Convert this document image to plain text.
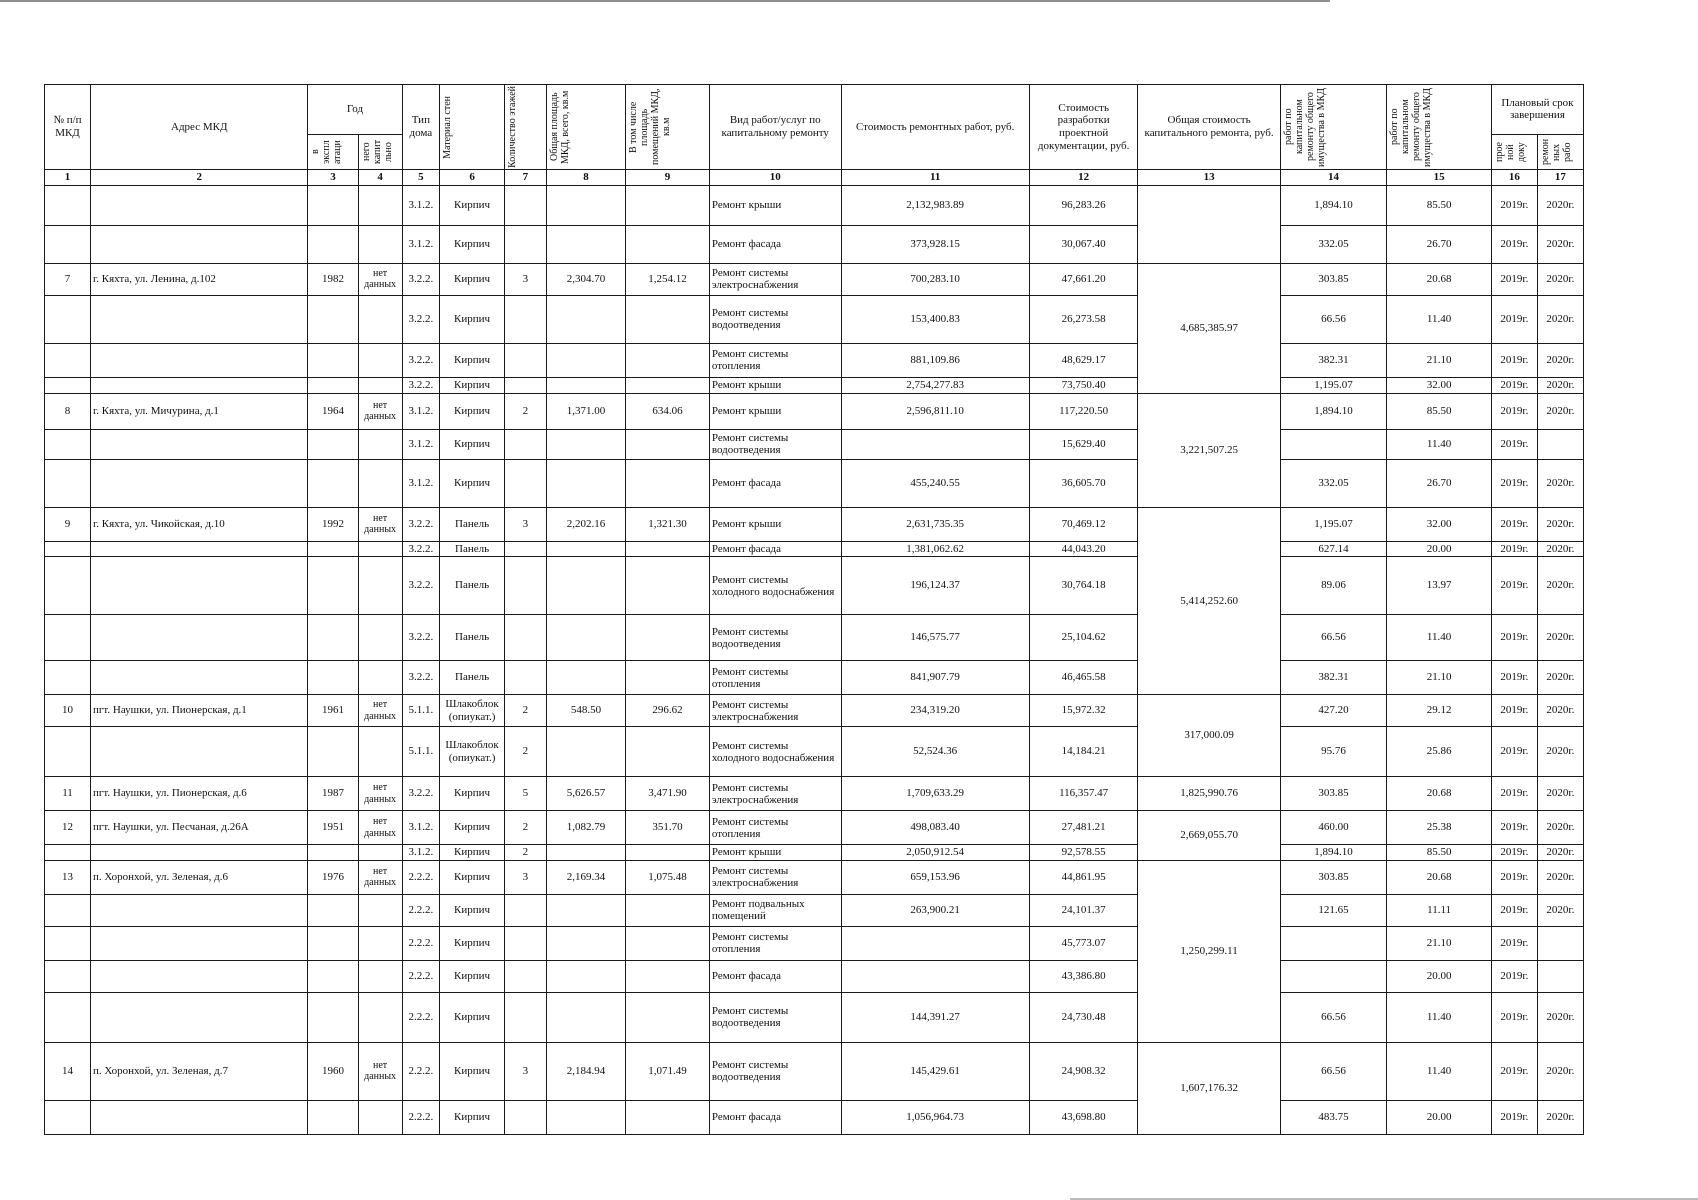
№ п/п МКД	Адрес МКД	Год		Тип дома	Материал стен	Количество этажей	Общая площадь МКД, всего, кв.м	В том числе площадь помещений МКД, кв.м	Вид работ/услуг по капитальному ремонту	Стоимость ремонтных работ, руб.	Стоимость разработки проектной документации, руб.	Общая стоимость капитального ремонта, руб.	работ по капитальном ремонту общего имущества в МКД	работ по капитальном ремонту общего имущества в МКД	Плановый срок завершения	

		в экспл атаци	него капит льно												прое ной доку	ремон ных рабо

1	2	3	4	5	6	7	8	9	10	11	12	13	14	15	16	17
				3.1.2.	Кирпич				Ремонт крыши	2,132,983.89	96,283.26		1,894.10	85.50	2019г.	2020г.
				3.1.2.	Кирпич				Ремонт фасада	373,928.15	30,067.40		332.05	26.70	2019г.	2020г.
7	г. Кяхта, ул. Ленина, д.102	1982	нет данных	3.2.2.	Кирпич	3	2,304.70	1,254.12	Ремонт системы электроснабжения	700,283.10	47,661.20	4,685,385.97	303.85	20.68	2019г.	2020г.
				3.2.2.	Кирпич				Ремонт системы водоотведения	153,400.83	26,273.58		66.56	11.40	2019г.	2020г.
				3.2.2.	Кирпич				Ремонт системы отопления	881,109.86	48,629.17		382.31	21.10	2019г.	2020г.
				3.2.2.	Кирпич				Ремонт крыши	2,754,277.83	73,750.40		1,195.07	32.00	2019г.	2020г.
8	г. Кяхта, ул. Мичурина, д.1	1964	нет данных	3.1.2.	Кирпич	2	1,371.00	634.06	Ремонт крыши	2,596,811.10	117,220.50	3,221,507.25	1,894.10	85.50	2019г.	2020г.
				3.1.2.	Кирпич				Ремонт системы водоотведения		15,629.40			11.40	2019г.	
				3.1.2.	Кирпич				Ремонт фасада	455,240.55	36,605.70		332.05	26.70	2019г.	2020г.
9	г. Кяхта, ул. Чикойская, д.10	1992	нет данных	3.2.2.	Панель	3	2,202.16	1,321.30	Ремонт крыши	2,631,735.35	70,469.12	5,414,252.60	1,195.07	32.00	2019г.	2020г.
				3.2.2.	Панель				Ремонт фасада	1,381,062.62	44,043.20		627.14	20.00	2019г.	2020г.
				3.2.2.	Панель				Ремонт системы холодного водоснабжения	196,124.37	30,764.18		89.06	13.97	2019г.	2020г.
				3.2.2.	Панель				Ремонт системы водоотведения	146,575.77	25,104.62		66.56	11.40	2019г.	2020г.
				3.2.2.	Панель				Ремонт системы отопления	841,907.79	46,465.58		382.31	21.10	2019г.	2020г.
10	пгт. Наушки, ул. Пионерская, д.1	1961	нет данных	5.1.1.	Шлакоблок (опиукат.)	2	548.50	296.62	Ремонт системы электроснабжения	234,319.20	15,972.32	317,000.09	427.20	29.12	2019г.	2020г.
				5.1.1.	Шлакоблок (опиукат.)	2			Ремонт системы холодного водоснабжения	52,524.36	14,184.21		95.76	25.86	2019г.	2020г.
11	пгт. Наушки, ул. Пионерская, д.6	1987	нет данных	3.2.2.	Кирпич	5	5,626.57	3,471.90	Ремонт системы электроснабжения	1,709,633.29	116,357.47	1,825,990.76	303.85	20.68	2019г.	2020г.
12	пгт. Наушки, ул. Песчаная, д.26А	1951	нет данных	3.1.2.	Кирпич	2	1,082.79	351.70	Ремонт системы отопления	498,083.40	27,481.21	2,669,055.70	460.00	25.38	2019г.	2020г.
				3.1.2.	Кирпич	2			Ремонт крыши	2,050,912.54	92,578.55		1,894.10	85.50	2019г.	2020г.
13	п. Хоронхой, ул. Зеленая, д.6	1976	нет данных	2.2.2.	Кирпич	3	2,169.34	1,075.48	Ремонт системы электроснабжения	659,153.96	44,861.95	1,250,299.11	303.85	20.68	2019г.	2020г.
				2.2.2.	Кирпич				Ремонт подвальных помещений	263,900.21	24,101.37		121.65	11.11	2019г.	2020г.
				2.2.2.	Кирпич				Ремонт системы отопления		45,773.07			21.10	2019г.	
				2.2.2.	Кирпич				Ремонт фасада		43,386.80			20.00	2019г.	
				2.2.2.	Кирпич				Ремонт системы водоотведения	144,391.27	24,730.48		66.56	11.40	2019г.	2020г.
14	п. Хоронхой, ул. Зеленая, д.7	1960	нет данных	2.2.2.	Кирпич	3	2,184.94	1,071.49	Ремонт системы водоотведения	145,429.61	24,908.32	1,607,176.32	66.56	11.40	2019г.	2020г.
				2.2.2.	Кирпич				Ремонт фасада	1,056,964.73	43,698.80		483.75	20.00	2019г.	2020г.
